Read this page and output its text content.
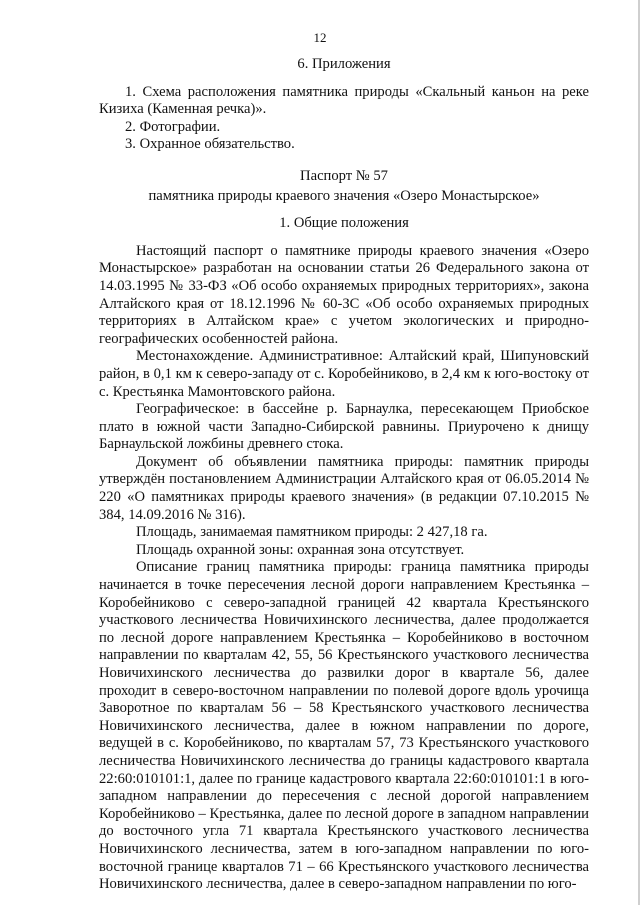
12

6. Приложения

1. Схема расположения памятника природы «Скальный каньон на реке Кизиха (Каменная речка)».

2. Фотографии.

3. Охранное обязательство.

Паспорт № 57

памятника природы краевого значения «Озеро Монастырское»

1. Общие положения

Настоящий паспорт о памятнике природы краевого значения «Озеро Монастырское» разработан на основании статьи 26 Федерального закона от 14.03.1995 № 33-ФЗ «Об особо охраняемых природных территориях», закона Алтайского края от 18.12.1996 № 60-ЗС «Об особо охраняемых природных территориях в Алтайском крае» с учетом экологических и природно-географических особенностей района.

Местонахождение. Административное: Алтайский край, Шипуновский район, в 0,1 км к северо-западу от с. Коробейниково, в 2,4 км к юго-востоку от с. Крестьянка Мамонтовского района.

Географическое: в бассейне р. Барнаулка, пересекающем Приобское плато в южной части Западно-Сибирской равнины. Приурочено к днищу Барнаульской ложбины древнего стока.

Документ об объявлении памятника природы: памятник природы утверждён постановлением Администрации Алтайского края от 06.05.2014 № 220 «О памятниках природы краевого значения» (в редакции 07.10.2015 № 384, 14.09.2016 № 316).

Площадь, занимаемая памятником природы: 2 427,18 га.

Площадь охранной зоны: охранная зона отсутствует.

Описание границ памятника природы: граница памятника природы начинается в точке пересечения лесной дороги направлением Крестьянка – Коробейниково с северо-западной границей 42 квартала Крестьянского участкового лесничества Новичихинского лесничества, далее продолжается по лесной дороге направлением Крестьянка – Коробейниково в восточном направлении по кварталам 42, 55, 56 Крестьянского участкового лесничества Новичихинского лесничества до развилки дорог в квартале 56, далее проходит в северо-восточном направлении по полевой дороге вдоль урочища Заворотное по кварталам 56 – 58 Крестьянского участкового лесничества Новичихинского лесничества, далее в южном направлении по дороге, ведущей в с. Коробейниково, по кварталам 57, 73 Крестьянского участкового лесничества Новичихинского лесничества до границы кадастрового квартала 22:60:010101:1, далее по границе кадастрового квартала 22:60:010101:1 в юго-западном направлении до пересечения с лесной дорогой направлением Коробейниково – Крестьянка, далее по лесной дороге в западном направлении до восточного угла 71 квартала Крестьянского участкового лесничества Новичихинского лесничества, затем в юго-западном направлении по юго-восточной границе кварталов 71 – 66 Крестьянского участкового лесничества Новичихинского лесничества, далее в северо-западном направлении по юго-
